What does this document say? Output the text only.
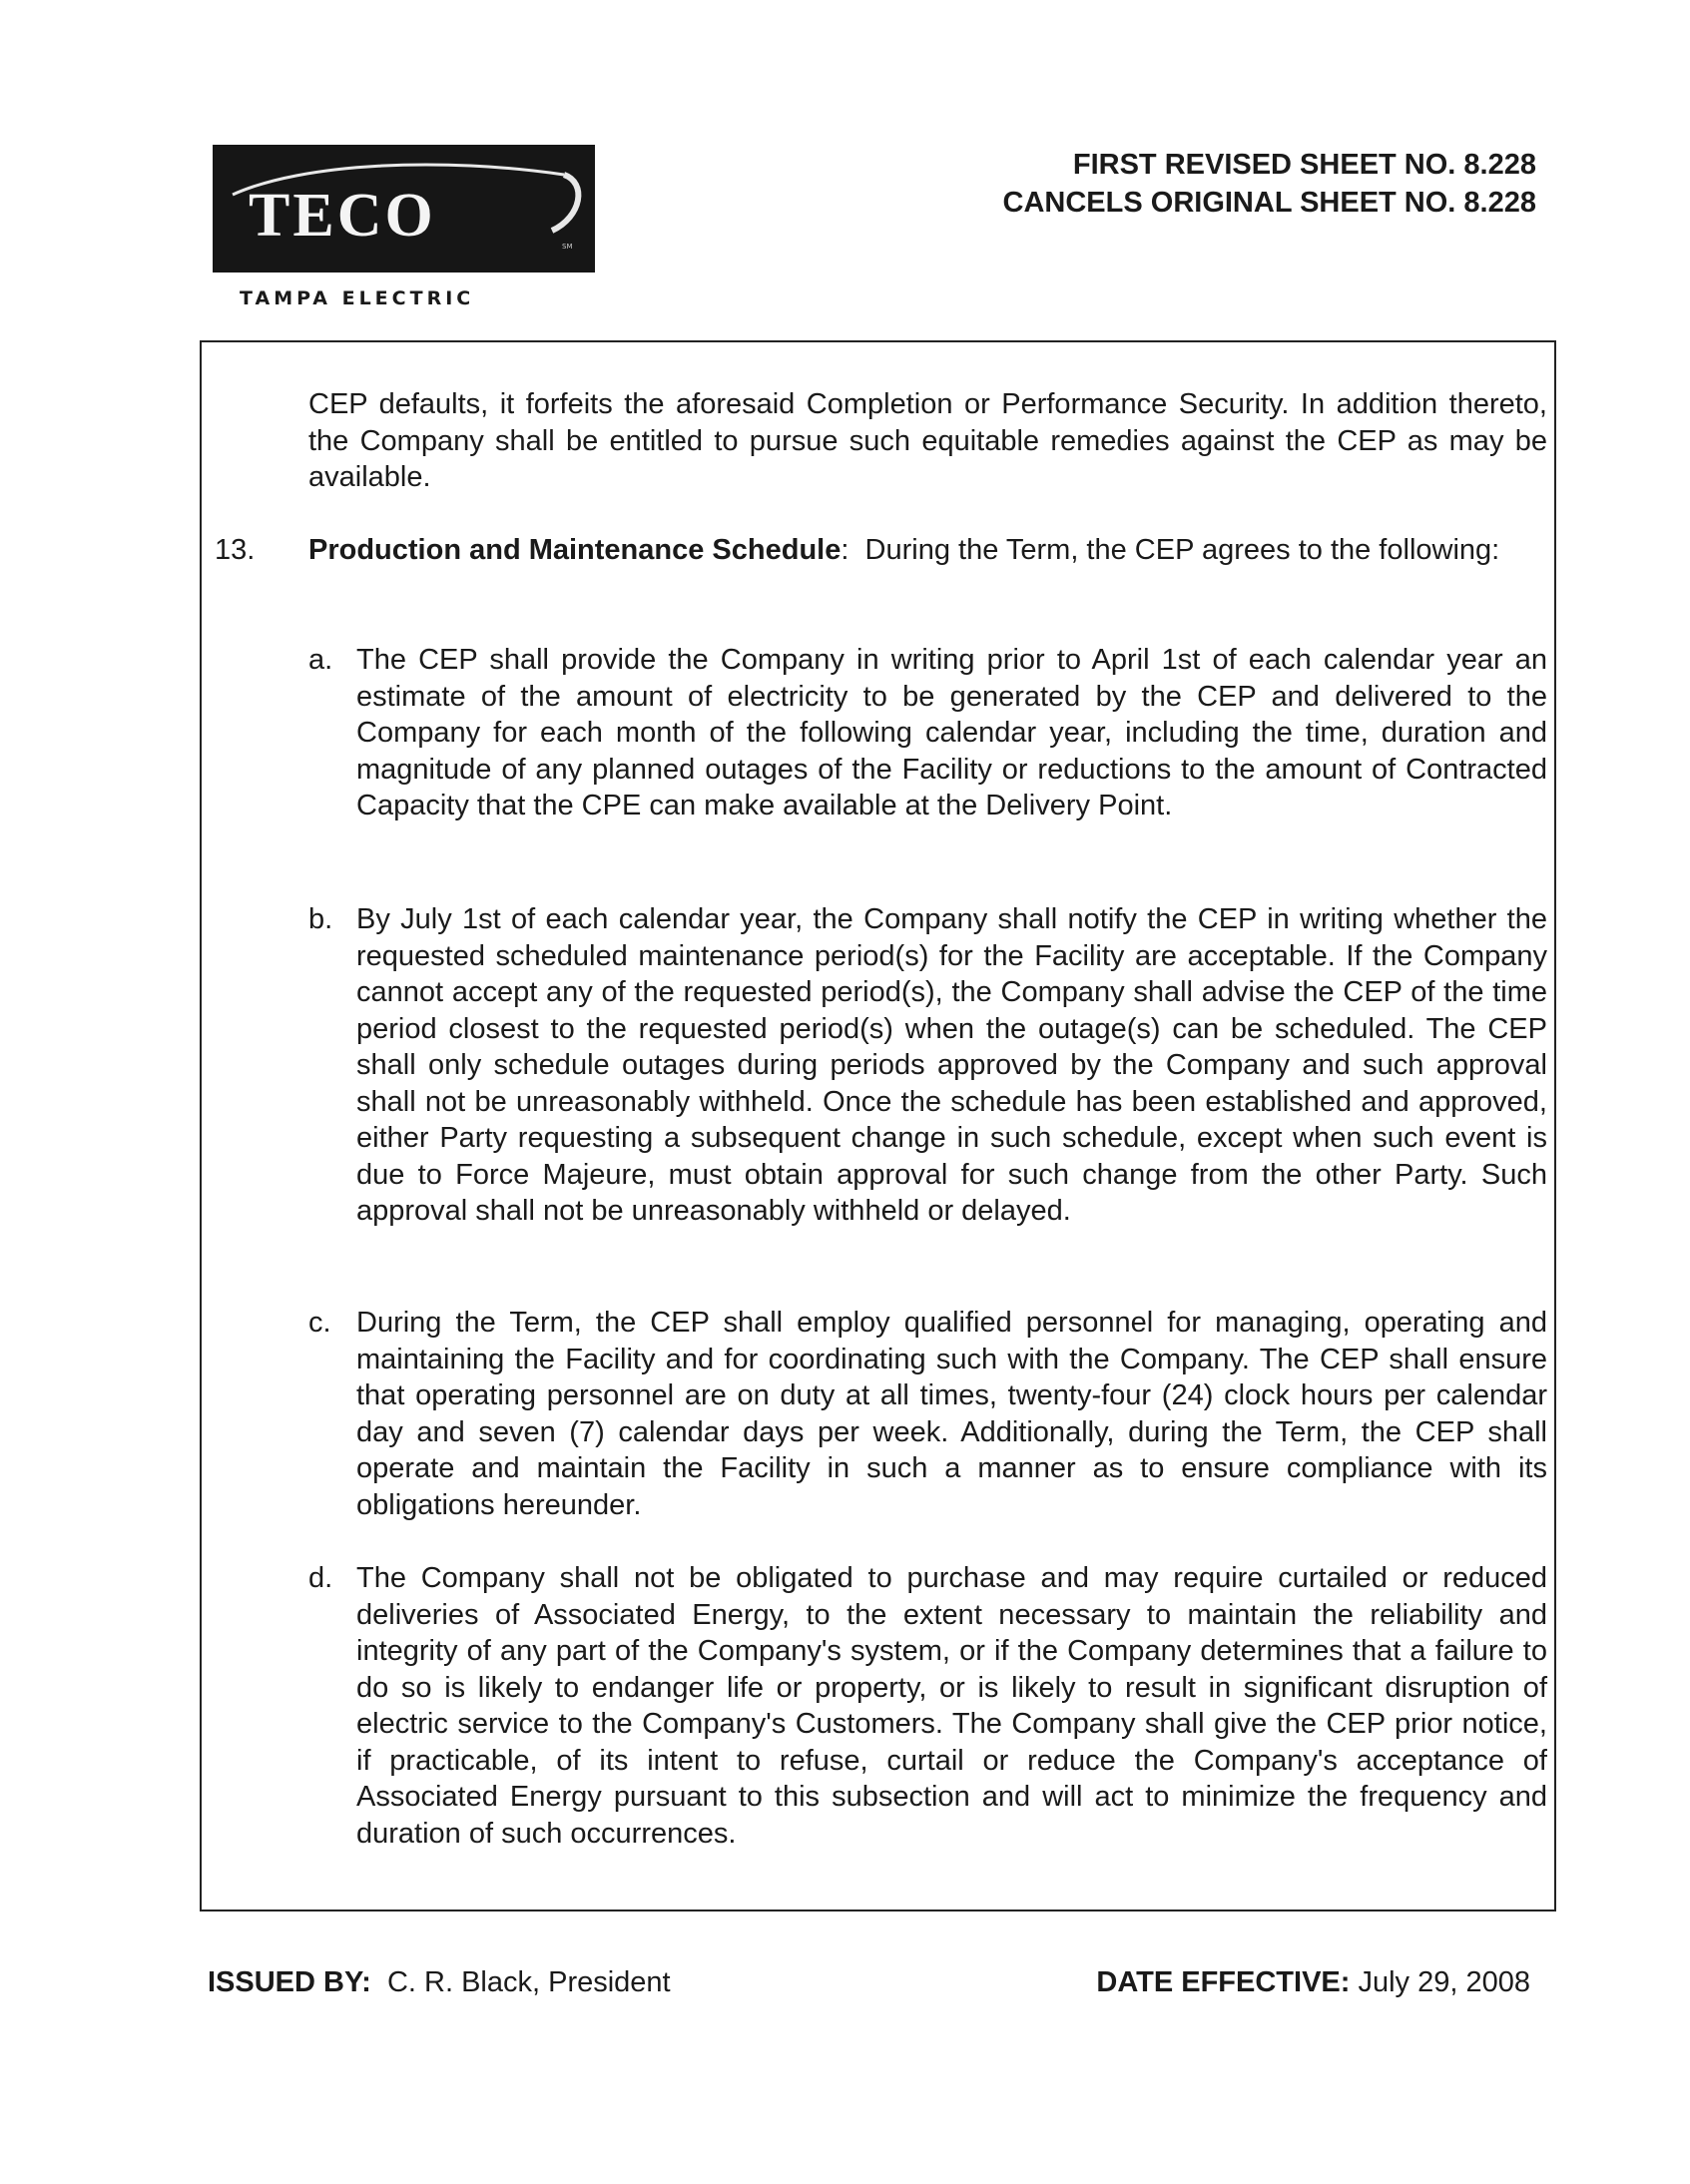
SM
TECO
TAMPA ELECTRIC
FIRST REVISED SHEET NO. 8.228
CANCELS ORIGINAL SHEET NO. 8.228
CEP defaults, it forfeits the aforesaid Completion or Performance Security. In addition thereto, the Company shall be entitled to pursue such equitable remedies against the CEP as may be available.
13. Production and Maintenance Schedule: During the Term, the CEP agrees to the following:
a. The CEP shall provide the Company in writing prior to April 1st of each calendar year an estimate of the amount of electricity to be generated by the CEP and delivered to the Company for each month of the following calendar year, including the time, duration and magnitude of any planned outages of the Facility or reductions to the amount of Contracted Capacity that the CPE can make available at the Delivery Point.
b. By July 1st of each calendar year, the Company shall notify the CEP in writing whether the requested scheduled maintenance period(s) for the Facility are acceptable. If the Company cannot accept any of the requested period(s), the Company shall advise the CEP of the time period closest to the requested period(s) when the outage(s) can be scheduled. The CEP shall only schedule outages during periods approved by the Company and such approval shall not be unreasonably withheld. Once the schedule has been established and approved, either Party requesting a subsequent change in such schedule, except when such event is due to Force Majeure, must obtain approval for such change from the other Party. Such approval shall not be unreasonably withheld or delayed.
c. During the Term, the CEP shall employ qualified personnel for managing, operating and maintaining the Facility and for coordinating such with the Company. The CEP shall ensure that operating personnel are on duty at all times, twenty-four (24) clock hours per calendar day and seven (7) calendar days per week. Additionally, during the Term, the CEP shall operate and maintain the Facility in such a manner as to ensure compliance with its obligations hereunder.
d. The Company shall not be obligated to purchase and may require curtailed or reduced deliveries of Associated Energy, to the extent necessary to maintain the reliability and integrity of any part of the Company's system, or if the Company determines that a failure to do so is likely to endanger life or property, or is likely to result in significant disruption of electric service to the Company's Customers. The Company shall give the CEP prior notice, if practicable, of its intent to refuse, curtail or reduce the Company's acceptance of Associated Energy pursuant to this subsection and will act to minimize the frequency and duration of such occurrences.
ISSUED BY: C. R. Black, President	DATE EFFECTIVE: July 29, 2008
